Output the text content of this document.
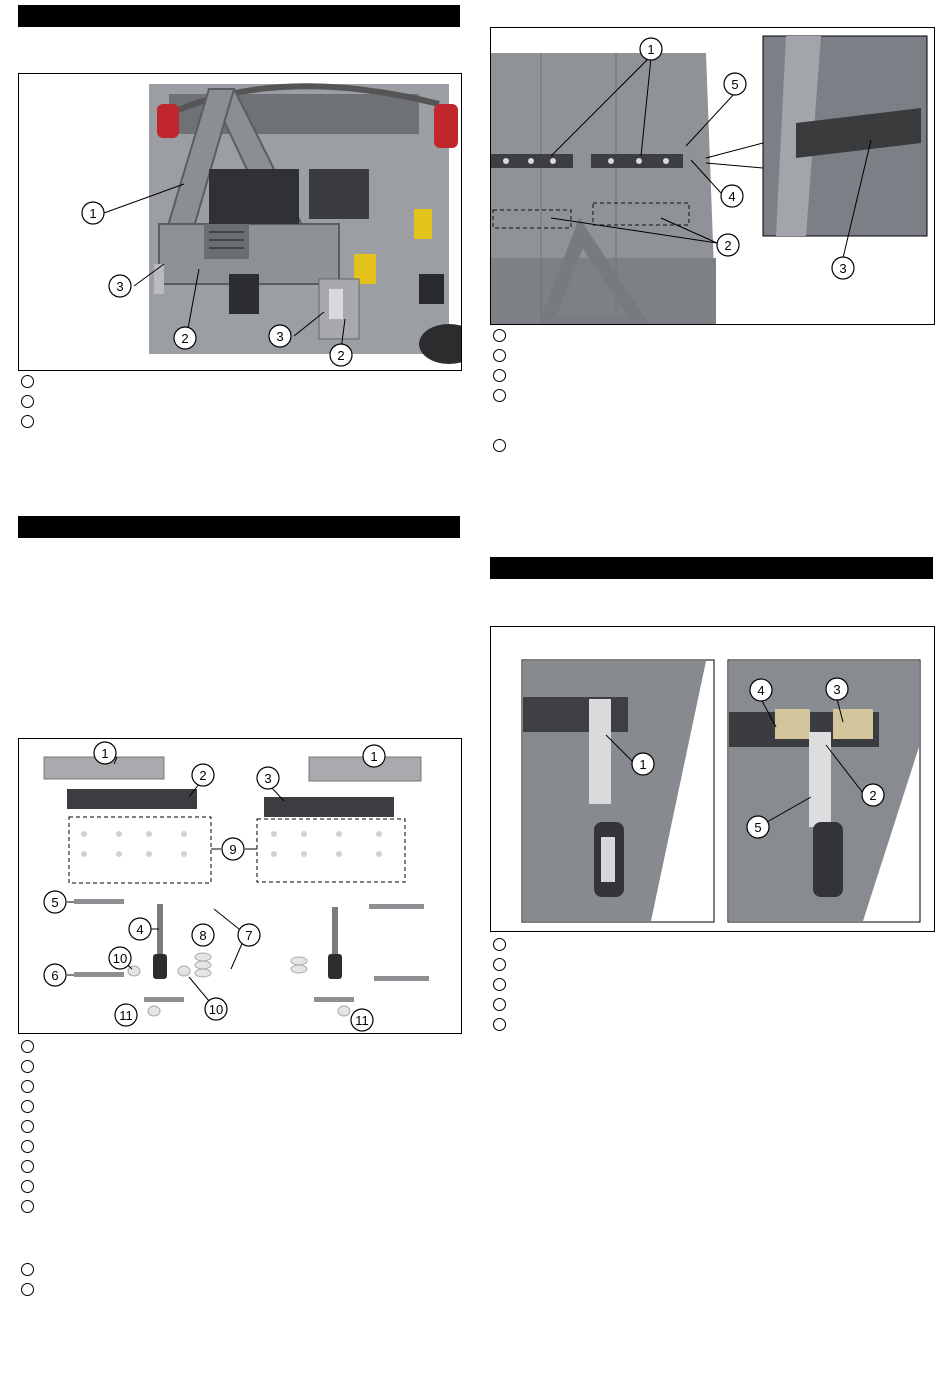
1
3
2	3
2
1
2	3
1
9
5
4	8	7
6
10
10
11	11
1
5
4
2
3
1
4	3
2
5
